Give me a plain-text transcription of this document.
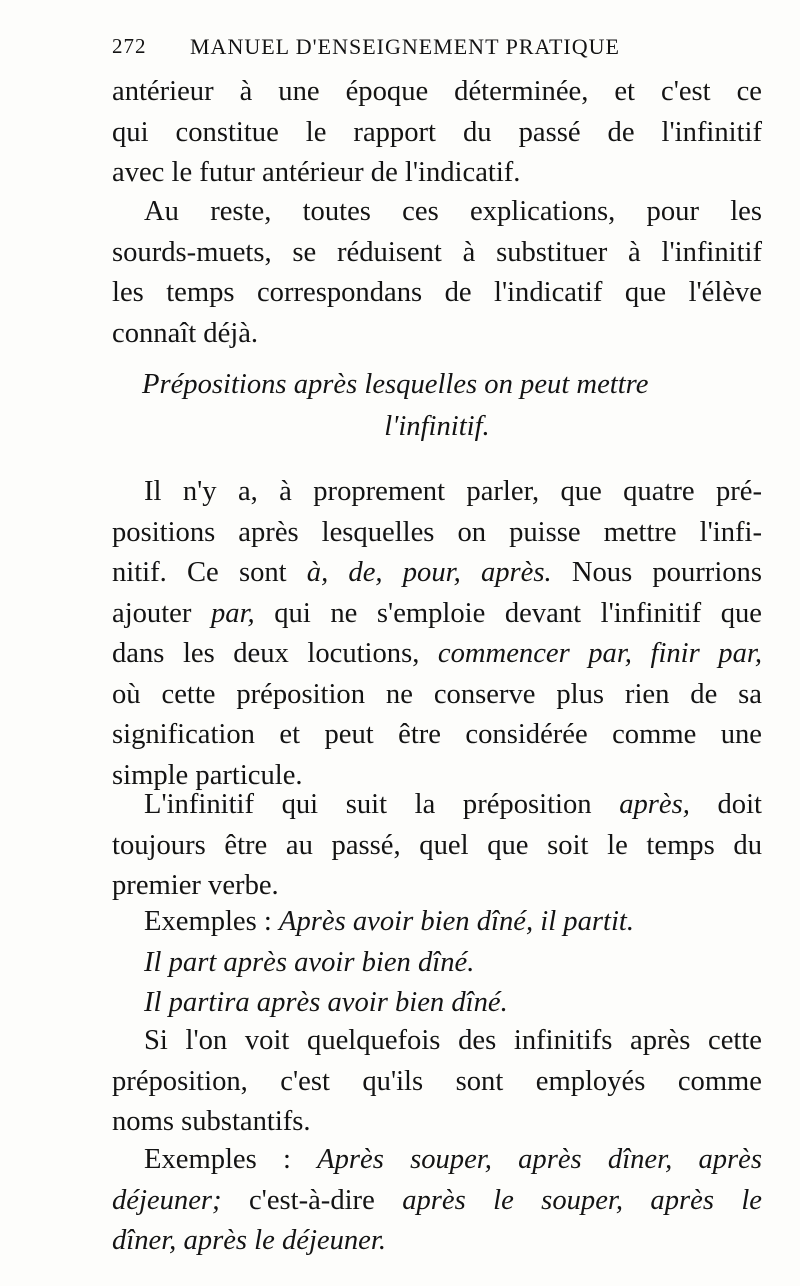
272 MANUEL D'ENSEIGNEMENT PRATIQUE
antérieur à une époque déterminée, et c'est ce
qui constitue le rapport du passé de l'infinitif
avec le futur antérieur de l'indicatif.
Au reste, toutes ces explications, pour les
sourds-muets, se réduisent à substituer à l'infinitif
les temps correspondans de l'indicatif que l'élève
connaît déjà.
Prépositions après lesquelles on peut mettre
l'infinitif.
Il n'y a, à proprement parler, que quatre pré-
positions après lesquelles on puisse mettre l'infi-
nitif. Ce sont à, de, pour, après. Nous pourrions
ajouter par, qui ne s'emploie devant l'infinitif que
dans les deux locutions, commencer par, finir par,
où cette préposition ne conserve plus rien de sa
signification et peut être considérée comme une
simple particule.
L'infinitif qui suit la préposition après, doit
toujours être au passé, quel que soit le temps du
premier verbe.
Exemples : Après avoir bien dîné, il partit.
Il part après avoir bien dîné.
Il partira après avoir bien dîné.
Si l'on voit quelquefois des infinitifs après cette
préposition, c'est qu'ils sont employés comme
noms substantifs.
Exemples : Après souper, après dîner, après
déjeuner; c'est-à-dire après le souper, après le
dîner, après le déjeuner.
